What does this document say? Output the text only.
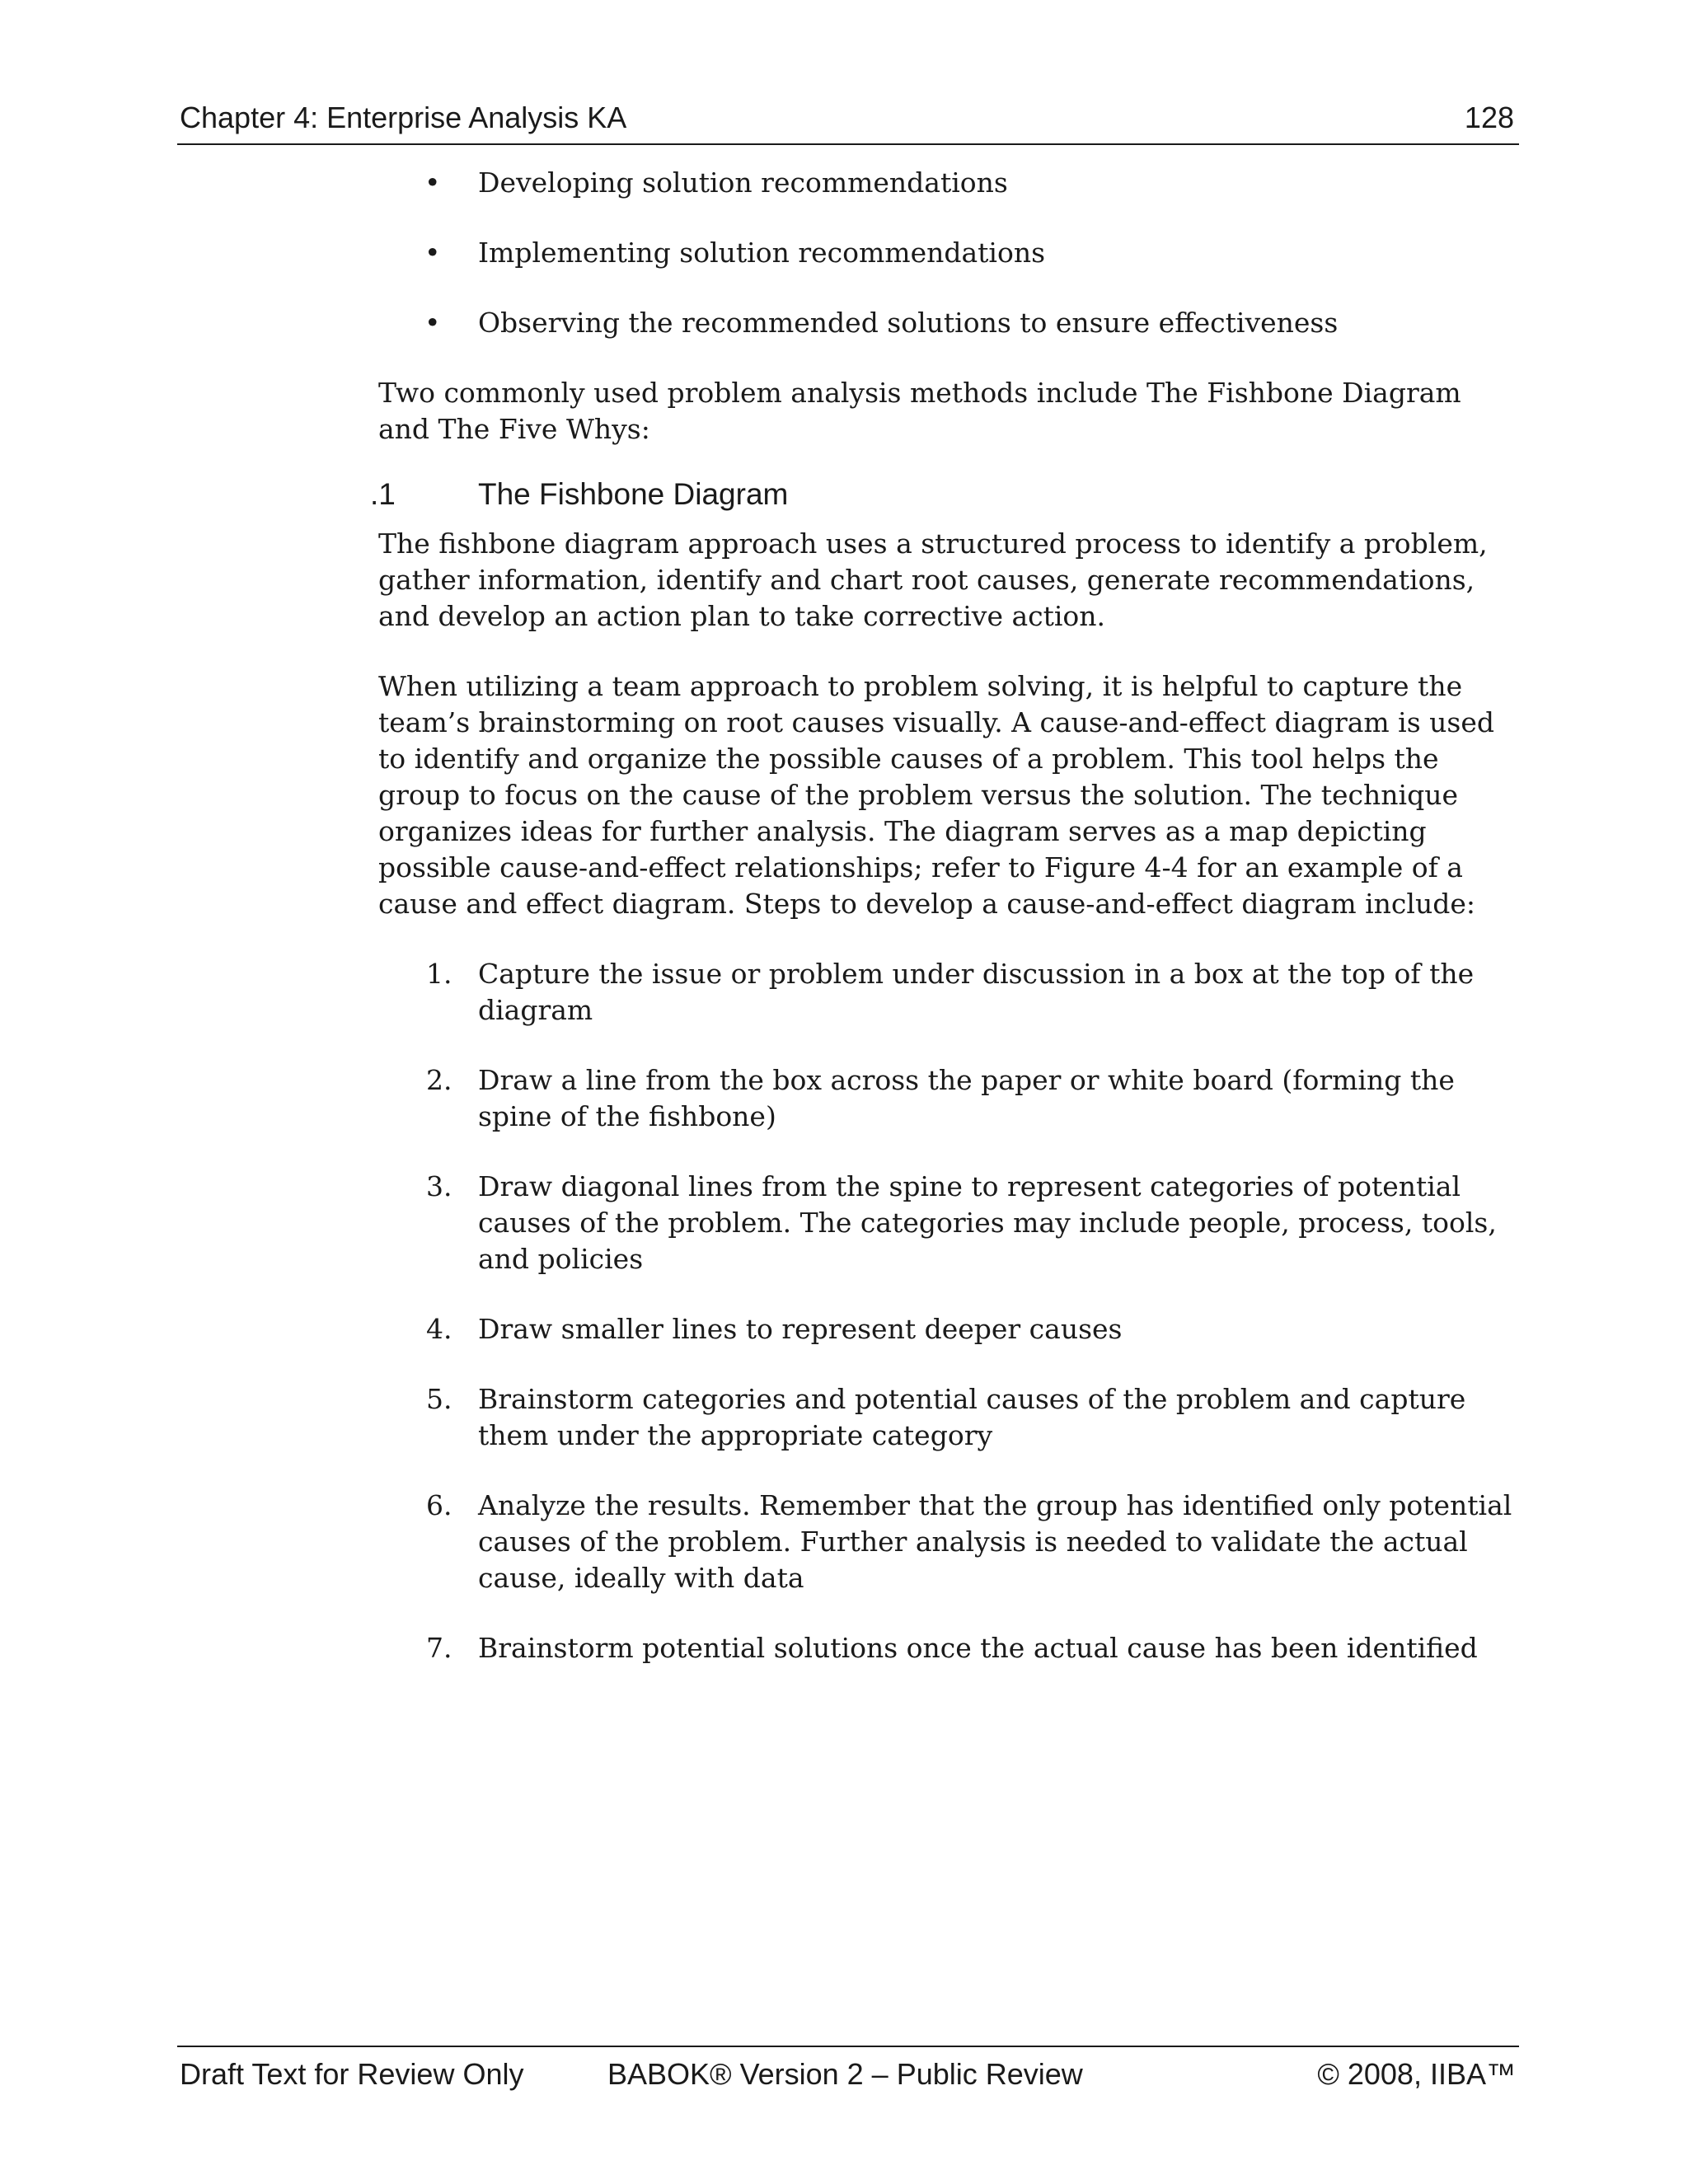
Chapter 4: Enterprise Analysis KA	128
• Developing solution recommendations
• Implementing solution recommendations
• Observing the recommended solutions to ensure effectiveness

Two commonly used problem analysis methods include The Fishbone Diagram and The Five Whys:

.1	The Fishbone Diagram

The fishbone diagram approach uses a structured process to identify a problem, gather information, identify and chart root causes, generate recommendations, and develop an action plan to take corrective action.

When utilizing a team approach to problem solving, it is helpful to capture the team’s brainstorming on root causes visually. A cause-and-effect diagram is used to identify and organize the possible causes of a problem. This tool helps the group to focus on the cause of the problem versus the solution. The technique organizes ideas for further analysis. The diagram serves as a map depicting possible cause-and-effect relationships; refer to Figure 4-4 for an example of a cause and effect diagram. Steps to develop a cause-and-effect diagram include:

1. Capture the issue or problem under discussion in a box at the top of the diagram
2. Draw a line from the box across the paper or white board (forming the spine of the fishbone)
3. Draw diagonal lines from the spine to represent categories of potential causes of the problem. The categories may include people, process, tools, and policies
4. Draw smaller lines to represent deeper causes
5. Brainstorm categories and potential causes of the problem and capture them under the appropriate category
6. Analyze the results. Remember that the group has identified only potential causes of the problem. Further analysis is needed to validate the actual cause, ideally with data
7. Brainstorm potential solutions once the actual cause has been identified
Draft Text for Review Only	BABOK® Version 2 – Public Review	© 2008, IIBA™
